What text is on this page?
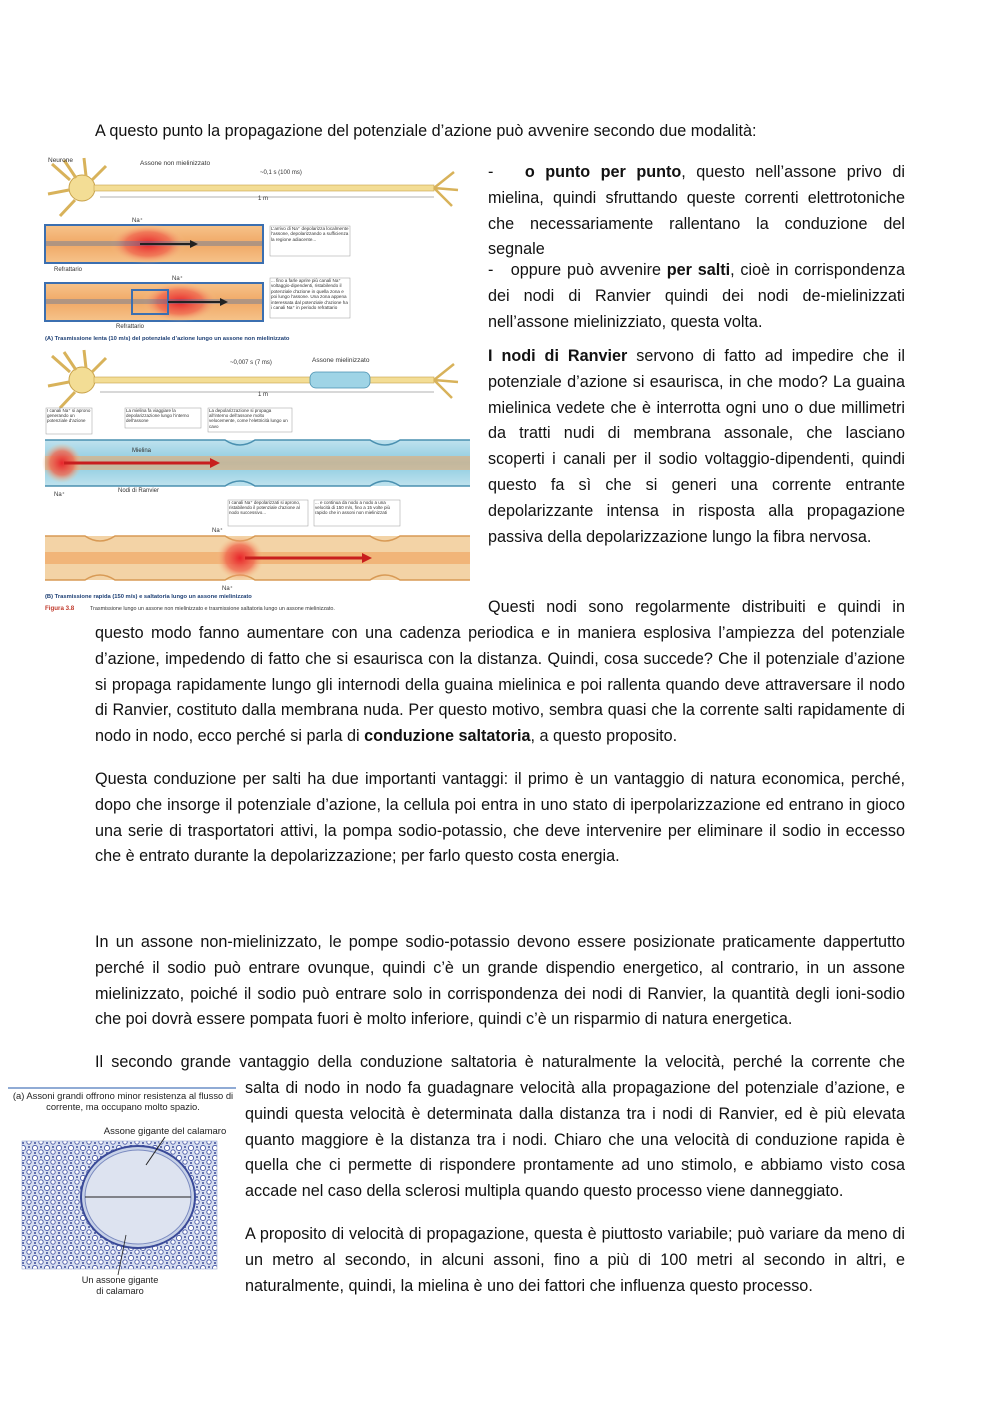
A questo punto la propagazione del potenziale d’azione può avvenire secondo due modalità:

- o punto per punto, questo nell’assone privo di mielina, quindi sfruttando queste correnti elettrotoniche che necessariamente rallentano la conduzione del segnale

- oppure può avvenire per salti, cioè in corrispondenza dei nodi di Ranvier quindi dei nodi de-mielinizzati nell’assone mielinizziato, questa volta.

I nodi di Ranvier servono di fatto ad impedire che il potenziale d’azione si esaurisca, in che modo? La guaina mielinica vedete che è interrotta ogni uno o due millimetri da tratti nudi di membrana assonale, che lasciano scoperti i canali per il sodio voltaggio-dipendenti, quindi questo fa sì che si generi una corrente entrante depolarizzante intensa in risposta alla propagazione passiva della depolarizzazione lungo la fibra nervosa.

Questi nodi sono regolarmente distribuiti e quindi in

questo modo fanno aumentare con una cadenza periodica e in maniera esplosiva l’ampiezza del potenziale d’azione, impedendo di fatto che si esaurisca con la distanza. Quindi, cosa succede? Che il potenziale d’azione si propaga rapidamente lungo gli internodi della guaina mielinica e poi rallenta quando deve attraversare il nodo di Ranvier, costituto dalla membrana nuda. Per questo motivo, sembra quasi che la corrente salti rapidamente di nodo in nodo, ecco perché si parla di conduzione saltatoria, a questo proposito.

Questa conduzione per salti ha due importanti vantaggi: il primo è un vantaggio di natura economica, perché, dopo che insorge il potenziale d’azione, la cellula poi entra in uno stato di iperpolarizzazione ed entrano in gioco una serie di trasportatori attivi, la pompa sodio-potassio, che deve intervenire per eliminare il sodio in eccesso che è entrato durante la depolarizzazione; per farlo questo costa energia.

In un assone non-mielinizzato, le pompe sodio-potassio devono essere posizionate praticamente dappertutto perché il sodio può entrare ovunque, quindi c’è un grande dispendio energetico, al contrario, in un assone mielinizzato, poiché il sodio può entrare solo in corrispondenza dei nodi di Ranvier, la quantità degli ioni-sodio che poi dovrà essere pompata fuori è molto inferiore, quindi c’è un risparmio di natura energetica.

Il secondo grande vantaggio della conduzione saltatoria è naturalmente la velocità, perché la corrente che

salta di nodo in nodo fa guadagnare velocità alla propagazione del potenziale d’azione, e quindi questa velocità è determinata dalla distanza tra i nodi di Ranvier, ed è più elevata quanto maggiore è la distanza tra i nodi. Chiaro che una velocità di conduzione rapida è quella che ci permette di rispondere prontamente ad uno stimolo, e abbiamo visto cosa accade nel caso della sclerosi multipla quando questo processo viene danneggiato.

A proposito di velocità di propagazione, questa è piuttosto variabile; può variare da meno di un metro al secondo, in alcuni assoni, fino a più di 100 metri al secondo in altri, e naturalmente, quindi, la mielina è uno dei fattori che influenza questo processo.

Neurone	Assone non mielinizzato
~0,1 s (100 ms)
1 m
Na⁺
Refrattario
L’arrivo di Na⁺ depolarizza localmente l’assone, depolarizzando a sufficienza la regione adiacente...
Na⁺
Refrattario
... fino a farle aprire più canali Na⁺ voltaggio-dipendenti, ristabilendo il potenziale d’azione in quella zona e poi lungo l’assone. Una zona appena interessata dal potenziale d’azione ha i canali Na⁺ in periodo refrattario
(A) Trasmissione lenta (10 m/s) del potenziale d’azione lungo un assone non mielinizzato
~0,007 s (7 ms)	Assone mielinizzato
1 m
I canali Na⁺ si aprono generando un potenziale d’azione
La mielina fa viaggiare la depolarizzazione lungo l’interno dell’assone
La depolarizzazione si propaga all’interno dell’assone molto velocemente, come l’elettricità lungo un cavo
Mielina
Na⁺
Nodi di Ranvier
I canali Na⁺ depolarizzati si aprono, ristabilendo il potenziale d’azione al nodo successivo...
... e continua da nodo a nodo a una velocità di 150 m/s, fino a 15 volte più rapido che in assoni non mielinizzati
Na⁺
Na⁺
(B) Trasmissione rapida (150 m/s) e saltatoria lungo un assone mielinizzato
Figura 3.8	Trasmissione lungo un assone non mielinizzato e trasmissione saltatoria lungo un assone mielinizzato.
(a) Assoni grandi offrono minor resistenza al flusso di corrente, ma occupano molto spazio.
Assone gigante del calamaro
Un assone gigante di calamaro
